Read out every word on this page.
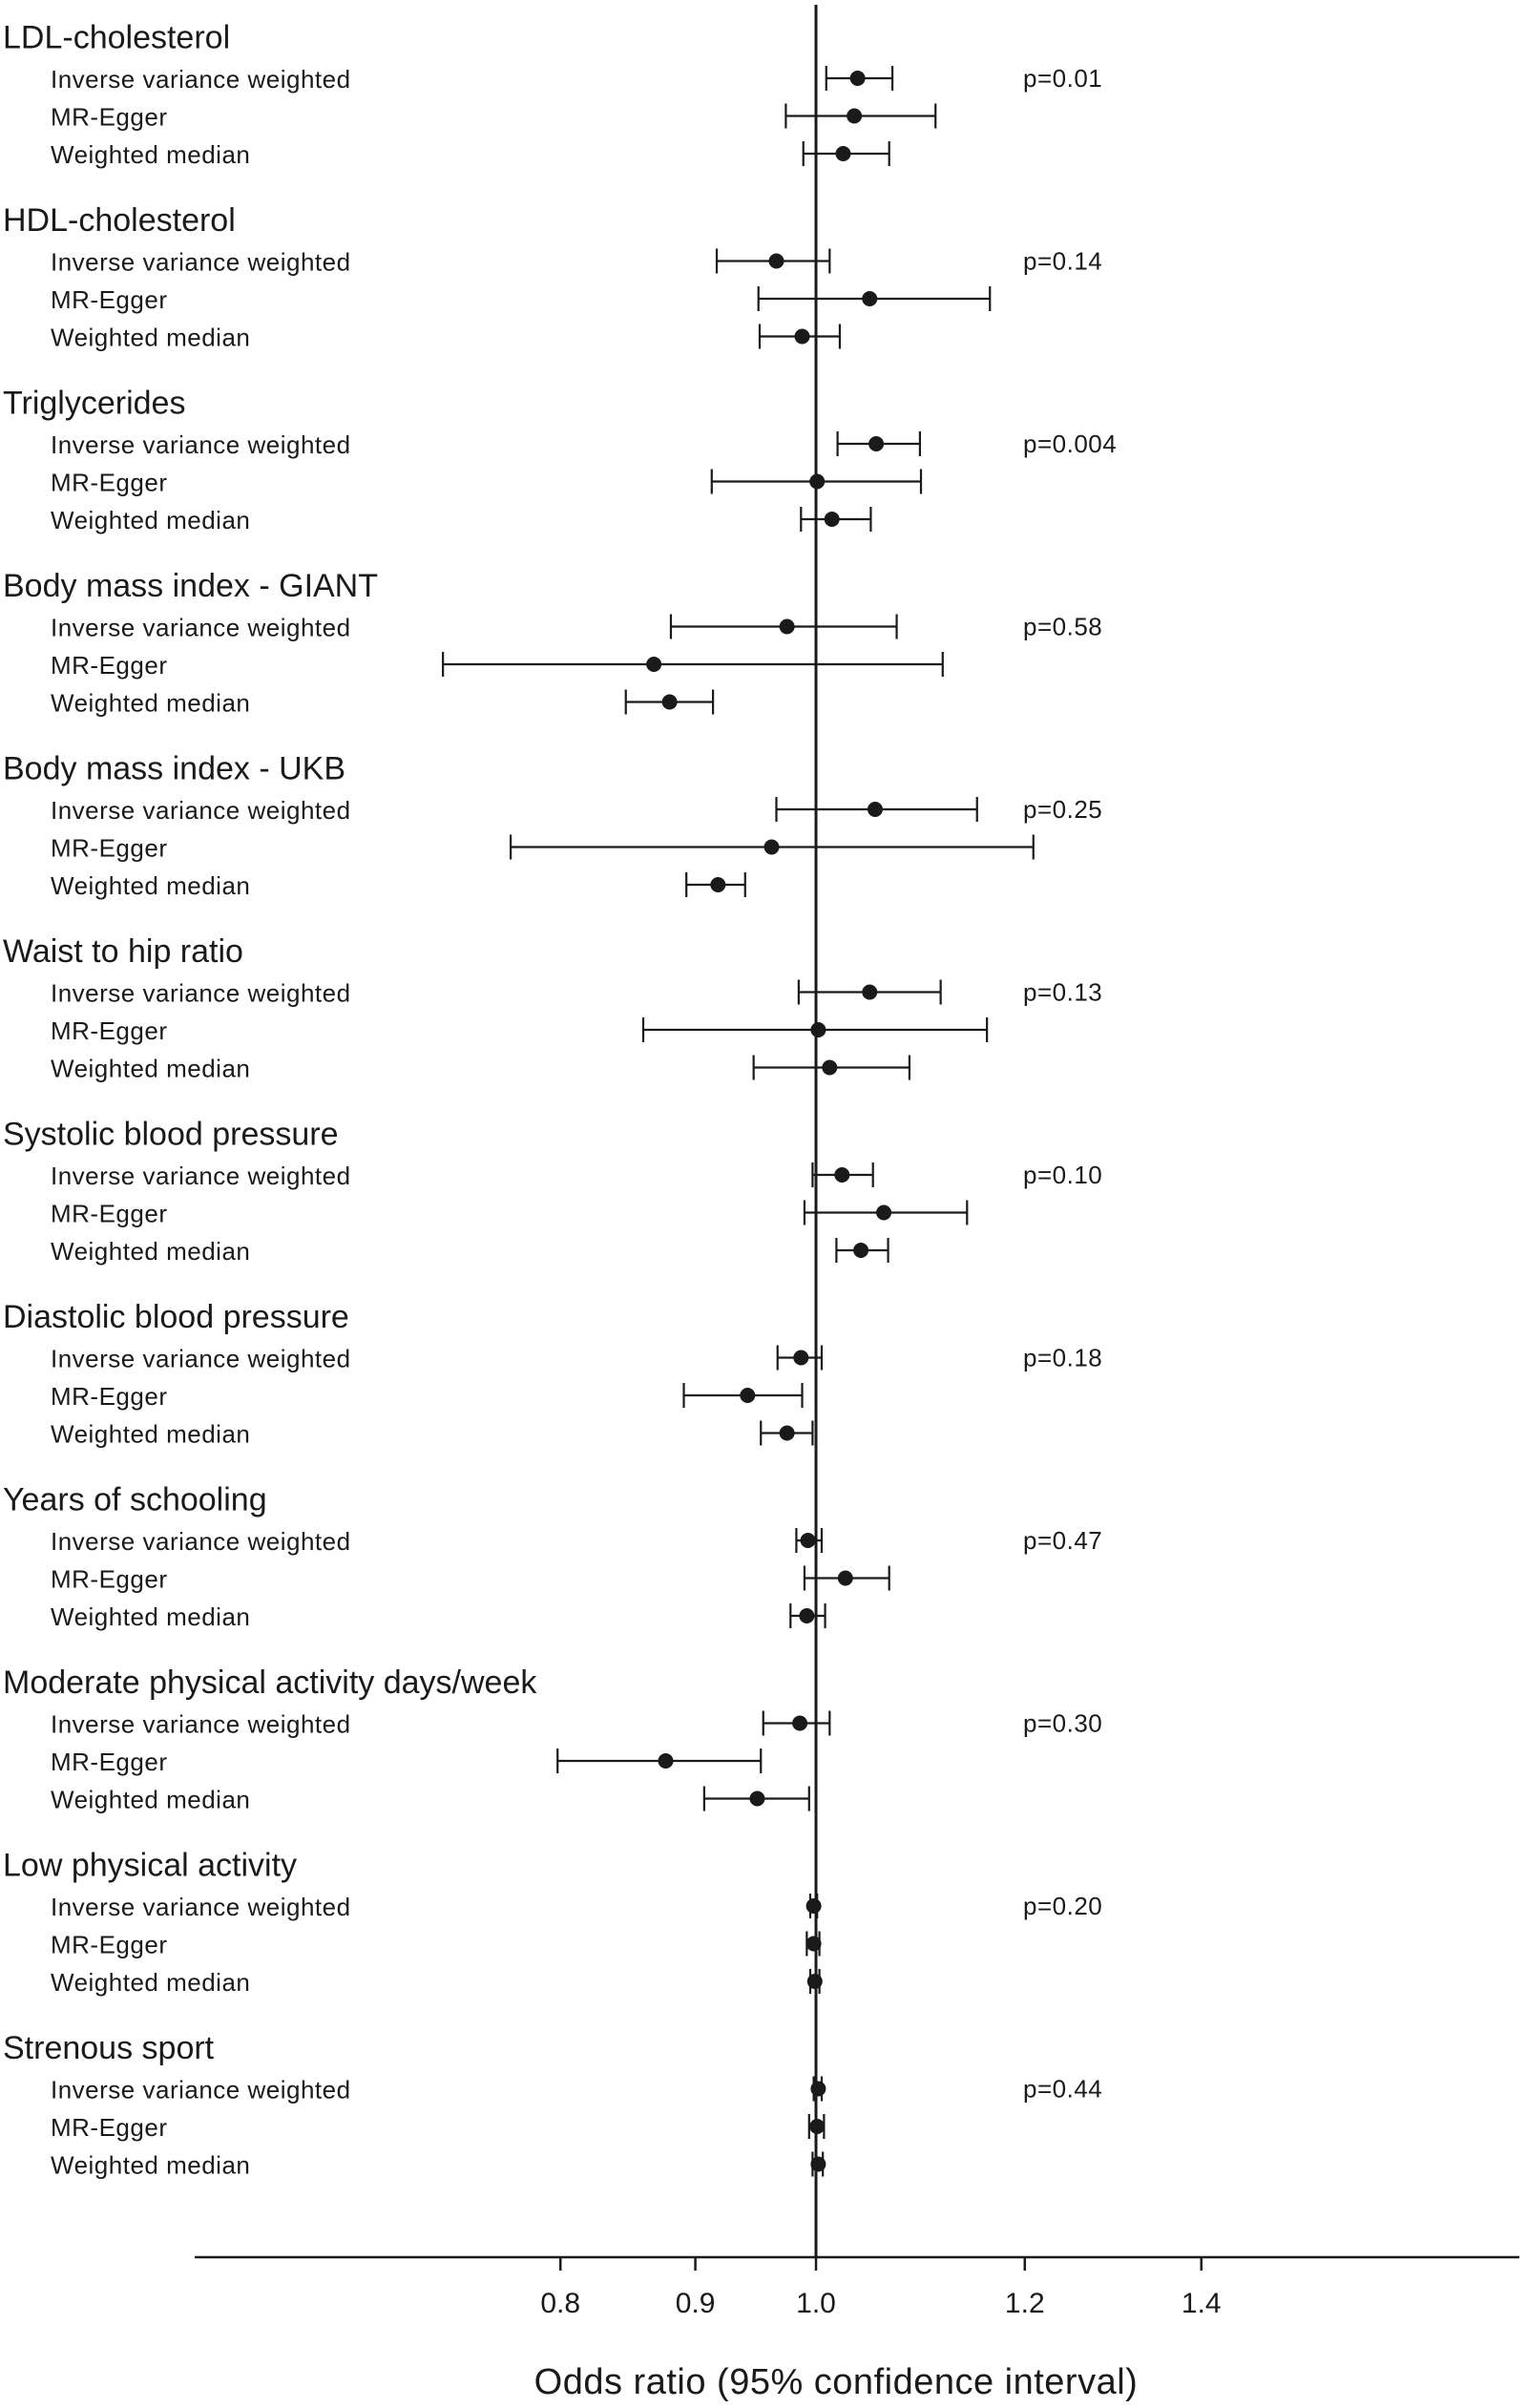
0.8	0.9	1.0	1.2	1.4
LDL-cholesterol
p=0.01
Inverse variance weighted
MR-Egger
Weighted median
HDL-cholesterol
p=0.14
Inverse variance weighted
MR-Egger
Weighted median
Triglycerides
p=0.004
Inverse variance weighted
MR-Egger
Weighted median
Body mass index - GIANT
p=0.58
Inverse variance weighted
MR-Egger
Weighted median
Body mass index - UKB
p=0.25
Inverse variance weighted
MR-Egger
Weighted median
Waist to hip ratio
p=0.13
Inverse variance weighted
MR-Egger
Weighted median
Systolic blood pressure
p=0.10
Inverse variance weighted
MR-Egger
Weighted median
Diastolic blood pressure
p=0.18
Inverse variance weighted
MR-Egger
Weighted median
Years of schooling
p=0.47
Inverse variance weighted
MR-Egger
Weighted median
Moderate physical activity days/week
p=0.30
Inverse variance weighted
MR-Egger
Weighted median
Low physical activity
p=0.20
Inverse variance weighted
MR-Egger
Weighted median
Strenous sport
p=0.44
Inverse variance weighted
MR-Egger
Weighted median
Odds ratio (95% confidence interval)
